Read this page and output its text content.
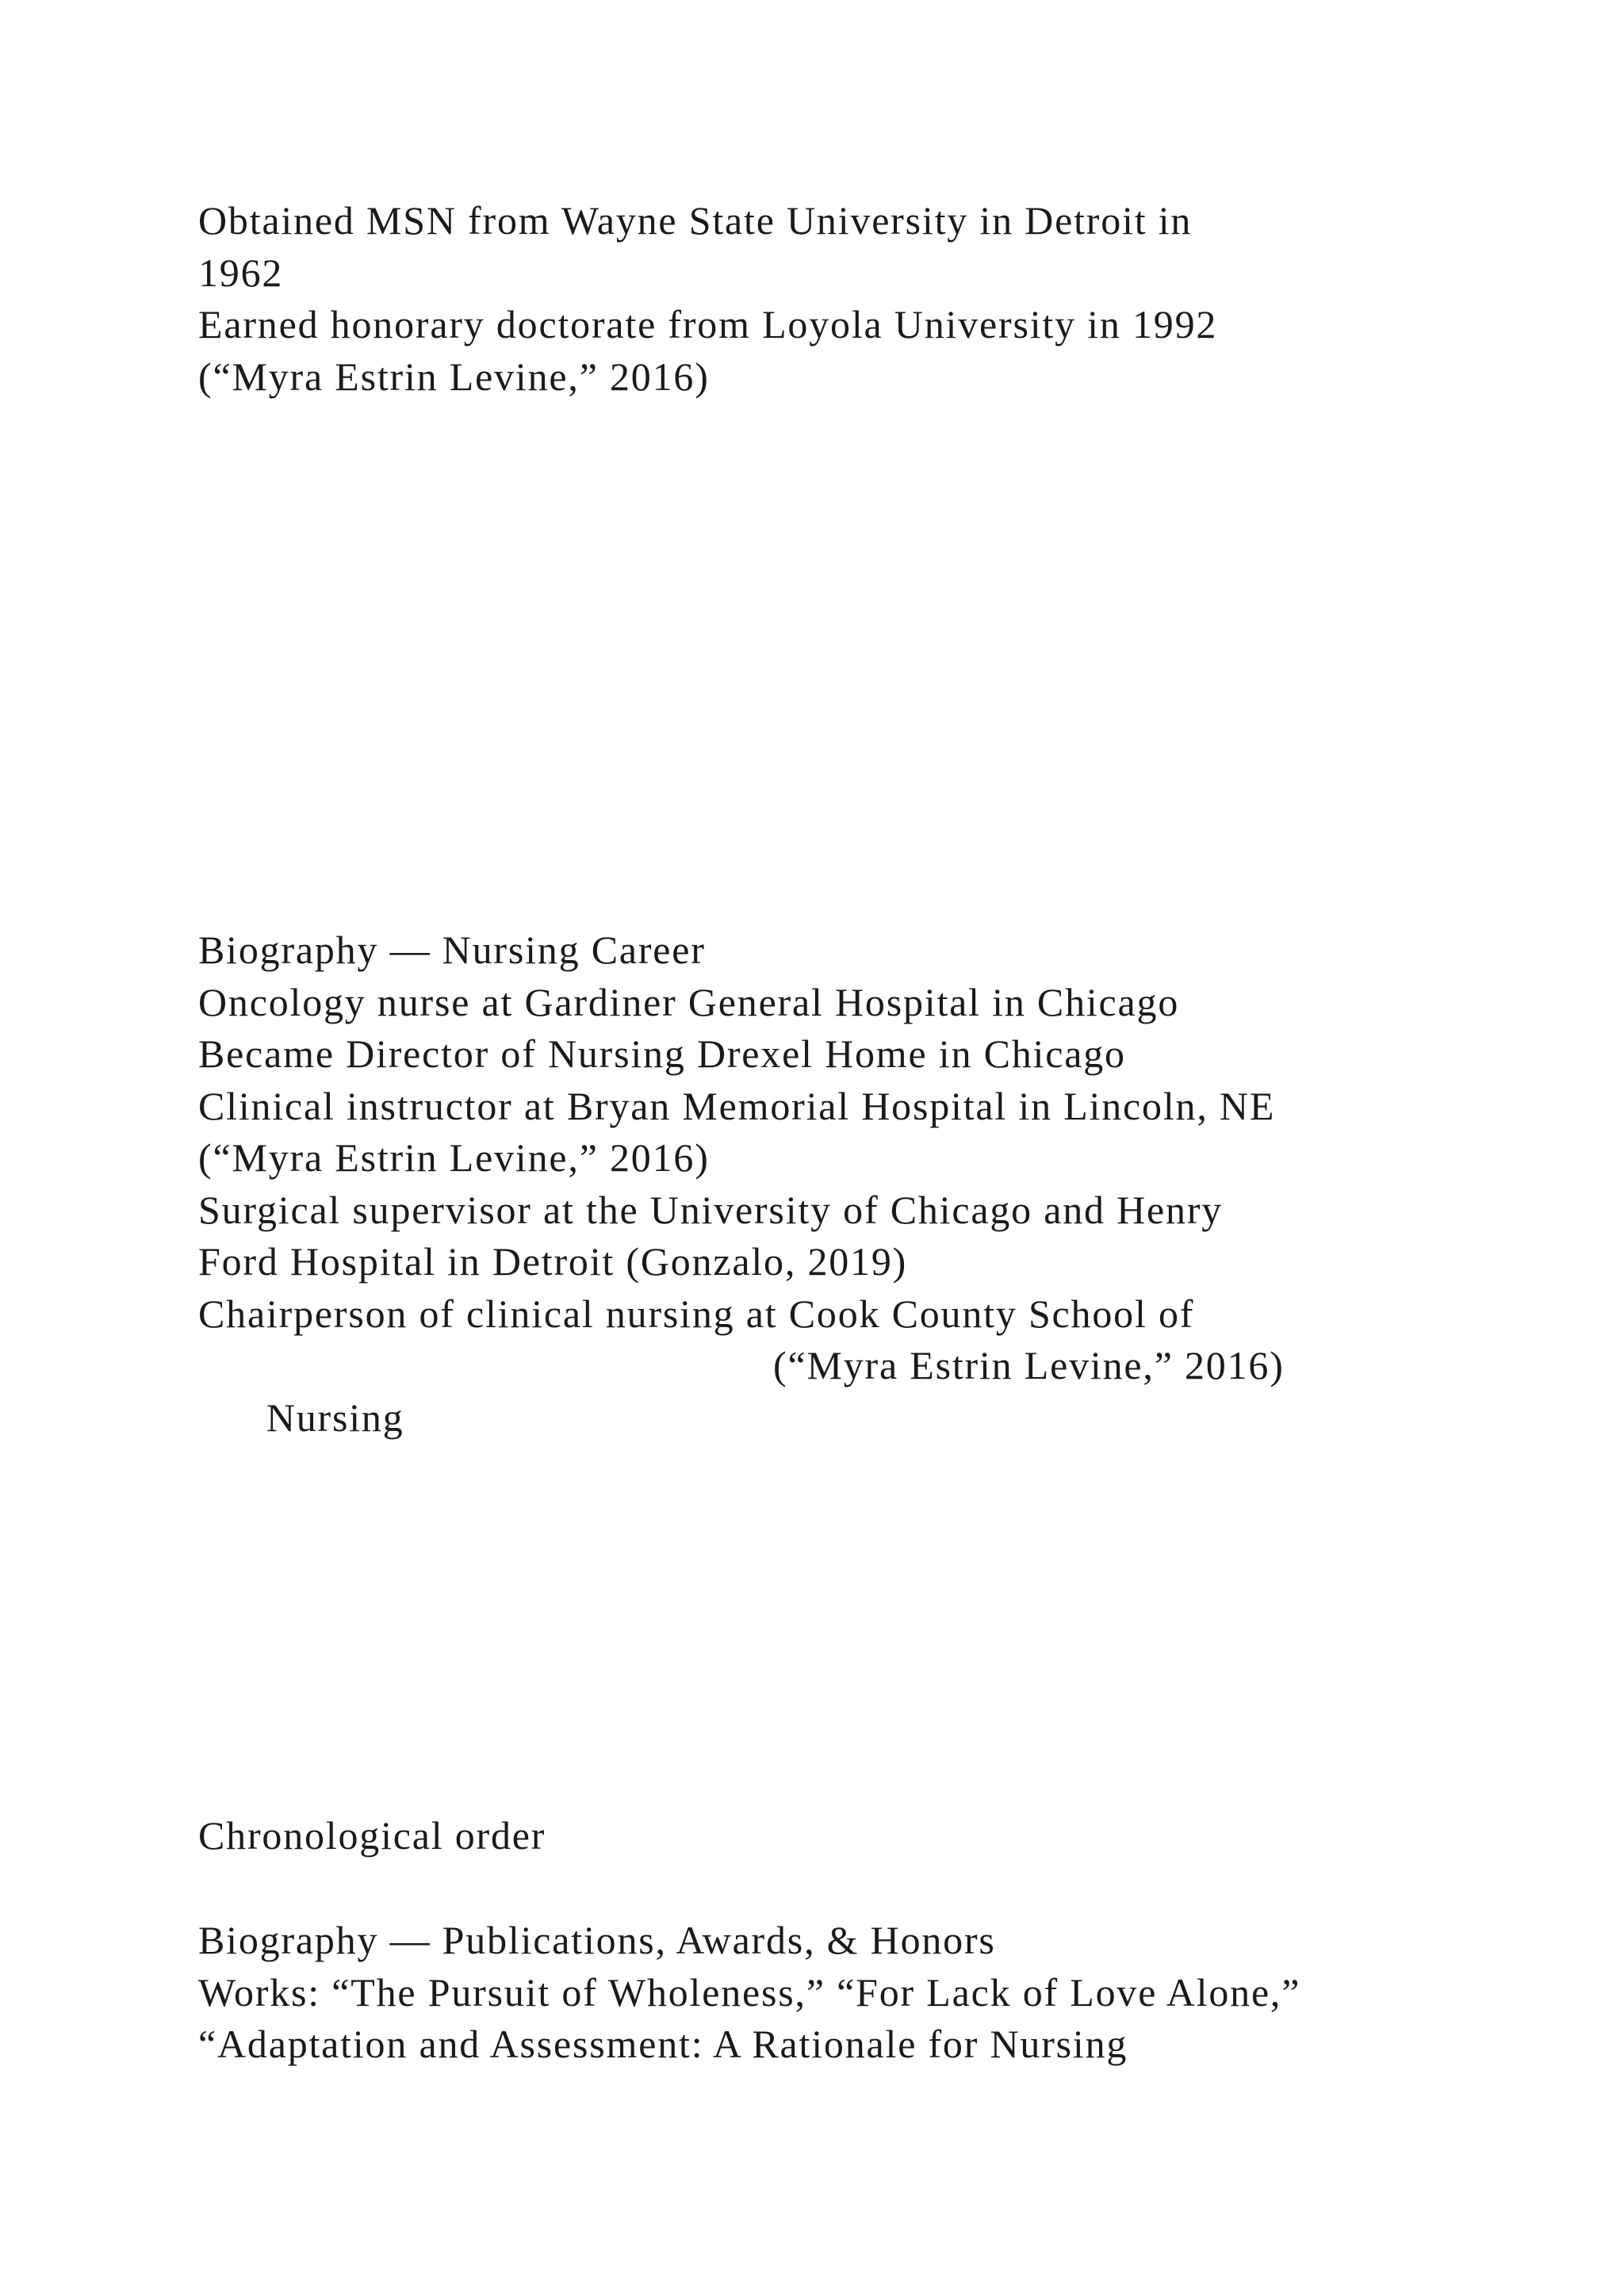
Obtained MSN from Wayne State University in Detroit in
1962
Earned honorary doctorate from Loyola University in 1992
(“Myra Estrin Levine,” 2016)
Biography — Nursing Career
Oncology nurse at Gardiner General Hospital in Chicago
Became Director of Nursing Drexel Home in Chicago
Clinical instructor at Bryan Memorial Hospital in Lincoln, NE
(“Myra Estrin Levine,” 2016)
Surgical supervisor at the University of Chicago and Henry
Ford Hospital in Detroit (Gonzalo, 2019)
Chairperson of clinical nursing at Cook County School of

Nursing

(“Myra Estrin Levine,” 2016)

Chronological order
Biography — Publications, Awards, & Honors
Works: “The Pursuit of Wholeness,” “For Lack of Love Alone,”
“Adaptation and Assessment: A Rationale for Nursing
